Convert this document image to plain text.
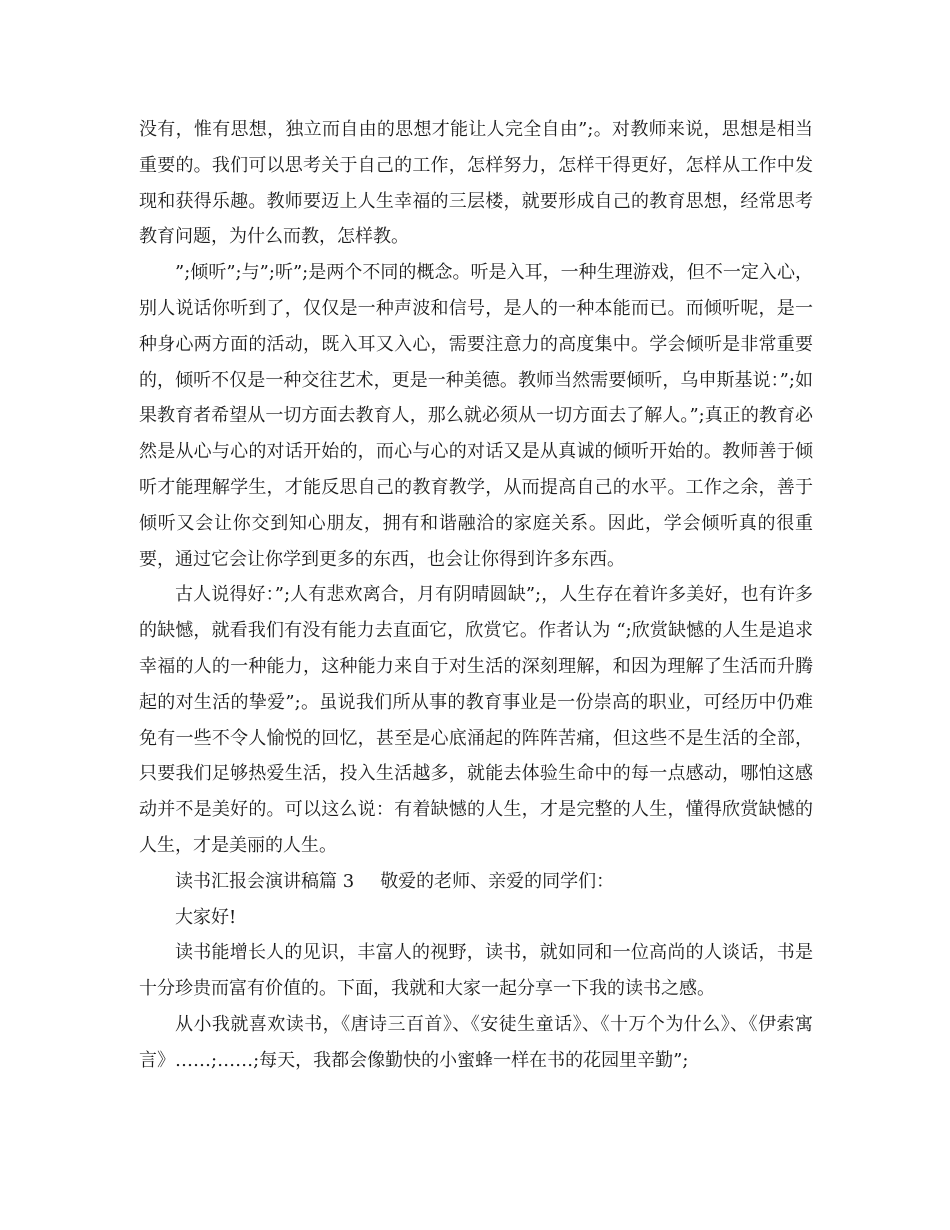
没有，惟有思想，独立而自由的思想才能让人完全自由”;。对教师来说，思想是相当重要的。我们可以思考关于自己的工作，怎样努力，怎样干得更好，怎样从工作中发现和获得乐趣。教师要迈上人生幸福的三层楼，就要形成自己的教育思想，经常思考教育问题，为什么而教，怎样教。

”;倾听”;与”;听”;是两个不同的概念。听是入耳，一种生理游戏，但不一定入心，别人说话你听到了，仅仅是一种声波和信号，是人的一种本能而已。而倾听呢，是一种身心两方面的活动，既入耳又入心，需要注意力的高度集中。学会倾听是非常重要的，倾听不仅是一种交往艺术，更是一种美德。教师当然需要倾听，乌申斯基说：”;如果教育者希望从一切方面去教育人，那么就必须从一切方面去了解人。”;真正的教育必然是从心与心的对话开始的，而心与心的对话又是从真诚的倾听开始的。教师善于倾听才能理解学生，才能反思自己的教育教学，从而提高自己的水平。工作之余，善于倾听又会让你交到知心朋友，拥有和谐融洽的家庭关系。因此，学会倾听真的很重要，通过它会让你学到更多的东西，也会让你得到许多东西。

古人说得好：”;人有悲欢离合，月有阴晴圆缺”;，人生存在着许多美好，也有许多的缺憾，就看我们有没有能力去直面它，欣赏它。作者认为 “;欣赏缺憾的人生是追求幸福的人的一种能力，这种能力来自于对生活的深刻理解，和因为理解了生活而升腾起的对生活的挚爱”;。虽说我们所从事的教育事业是一份崇高的职业，可经历中仍难免有一些不令人愉悦的回忆，甚至是心底涌起的阵阵苦痛，但这些不是生活的全部，只要我们足够热爱生活，投入生活越多，就能去体验生命中的每一点感动，哪怕这感动并不是美好的。可以这么说：有着缺憾的人生，才是完整的人生，懂得欣赏缺憾的人生，才是美丽的人生。

读书汇报会演讲稿篇 3 敬爱的老师、亲爱的同学们：

大家好!

读书能增长人的见识，丰富人的视野，读书，就如同和一位高尚的人谈话，书是十分珍贵而富有价值的。下面，我就和大家一起分享一下我的读书之感。

从小我就喜欢读书，《唐诗三百首》、《安徒生童话》、《十万个为什么》、《伊索寓言》……;……;每天，我都会像勤快的小蜜蜂一样在书的花园里辛勤”;
